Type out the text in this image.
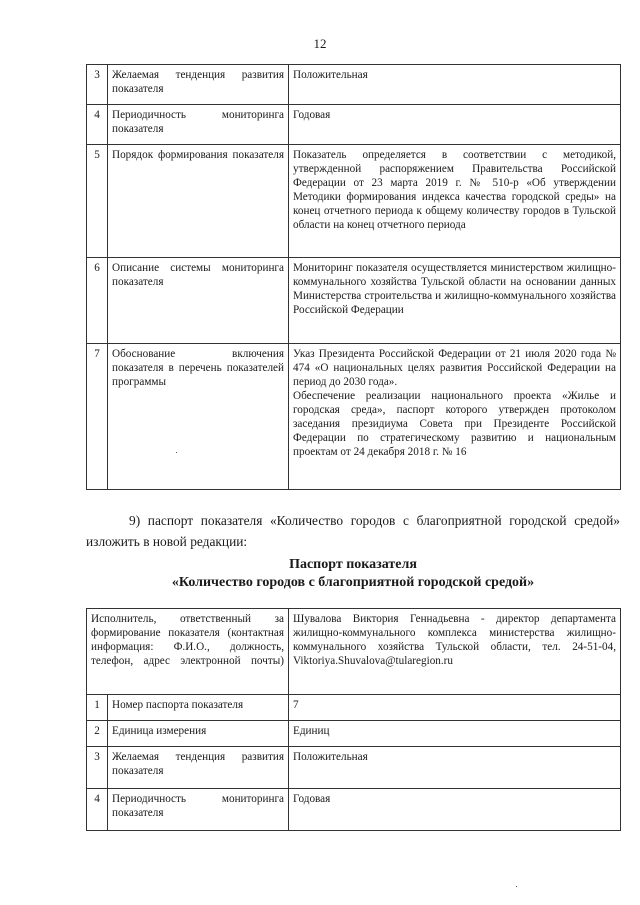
12
3	Желаемая тенденция развития показателя	Положительная

4	Периодичность мониторинга показателя	Годовая

5	Порядок формирования показателя	Показатель определяется в соответствии с методикой, утвержденной распоряжением Правительства Российской Федерации от 23 марта 2019 г. № 510-р «Об утверждении Методики формирования индекса качества городской среды» на конец отчетного периода к общему количеству городов в Тульской области на конец отчетного периода

6	Описание системы мониторинга показателя	Мониторинг показателя осуществляется министерством жилищно-коммунального хозяйства Тульской области на основании данных Министерства строительства и жилищно-коммунального хозяйства Российской Федерации

7	Обоснование включения показателя в перечень показателей программы	Указ Президента Российской Федерации от 21 июля 2020 года № 474 «О национальных целях развития Российской Федерации на период до 2030 года».

Обеспечение реализации национального проекта «Жилье и городская среда», паспорт которого утвержден протоколом заседания президиума Совета при Президенте Российской Федерации по стратегическому развитию и национальным проектам от 24 декабря 2018 г. № 16

9) паспорт показателя «Количество городов с благоприятной городской средой» изложить в новой редакции:

Паспорт показателя
«Количество городов с благоприятной городской средой»
Исполнитель, ответственный за формирование показателя (контактная информация: Ф.И.О., должность, телефон, адрес электронной почты)		Шувалова Виктория Геннадьевна - директор департамента жилищно-коммунального комплекса министерства жилищно-коммунального хозяйства Тульской области, тел. 24-51-04, Viktoriya.Shuvalova@tularegion.ru
1	Номер паспорта показателя	7
2	Единица измерения	Единиц
3	Желаемая тенденция развития показателя	Положительная
4	Периодичность мониторинга показателя	Годовая
